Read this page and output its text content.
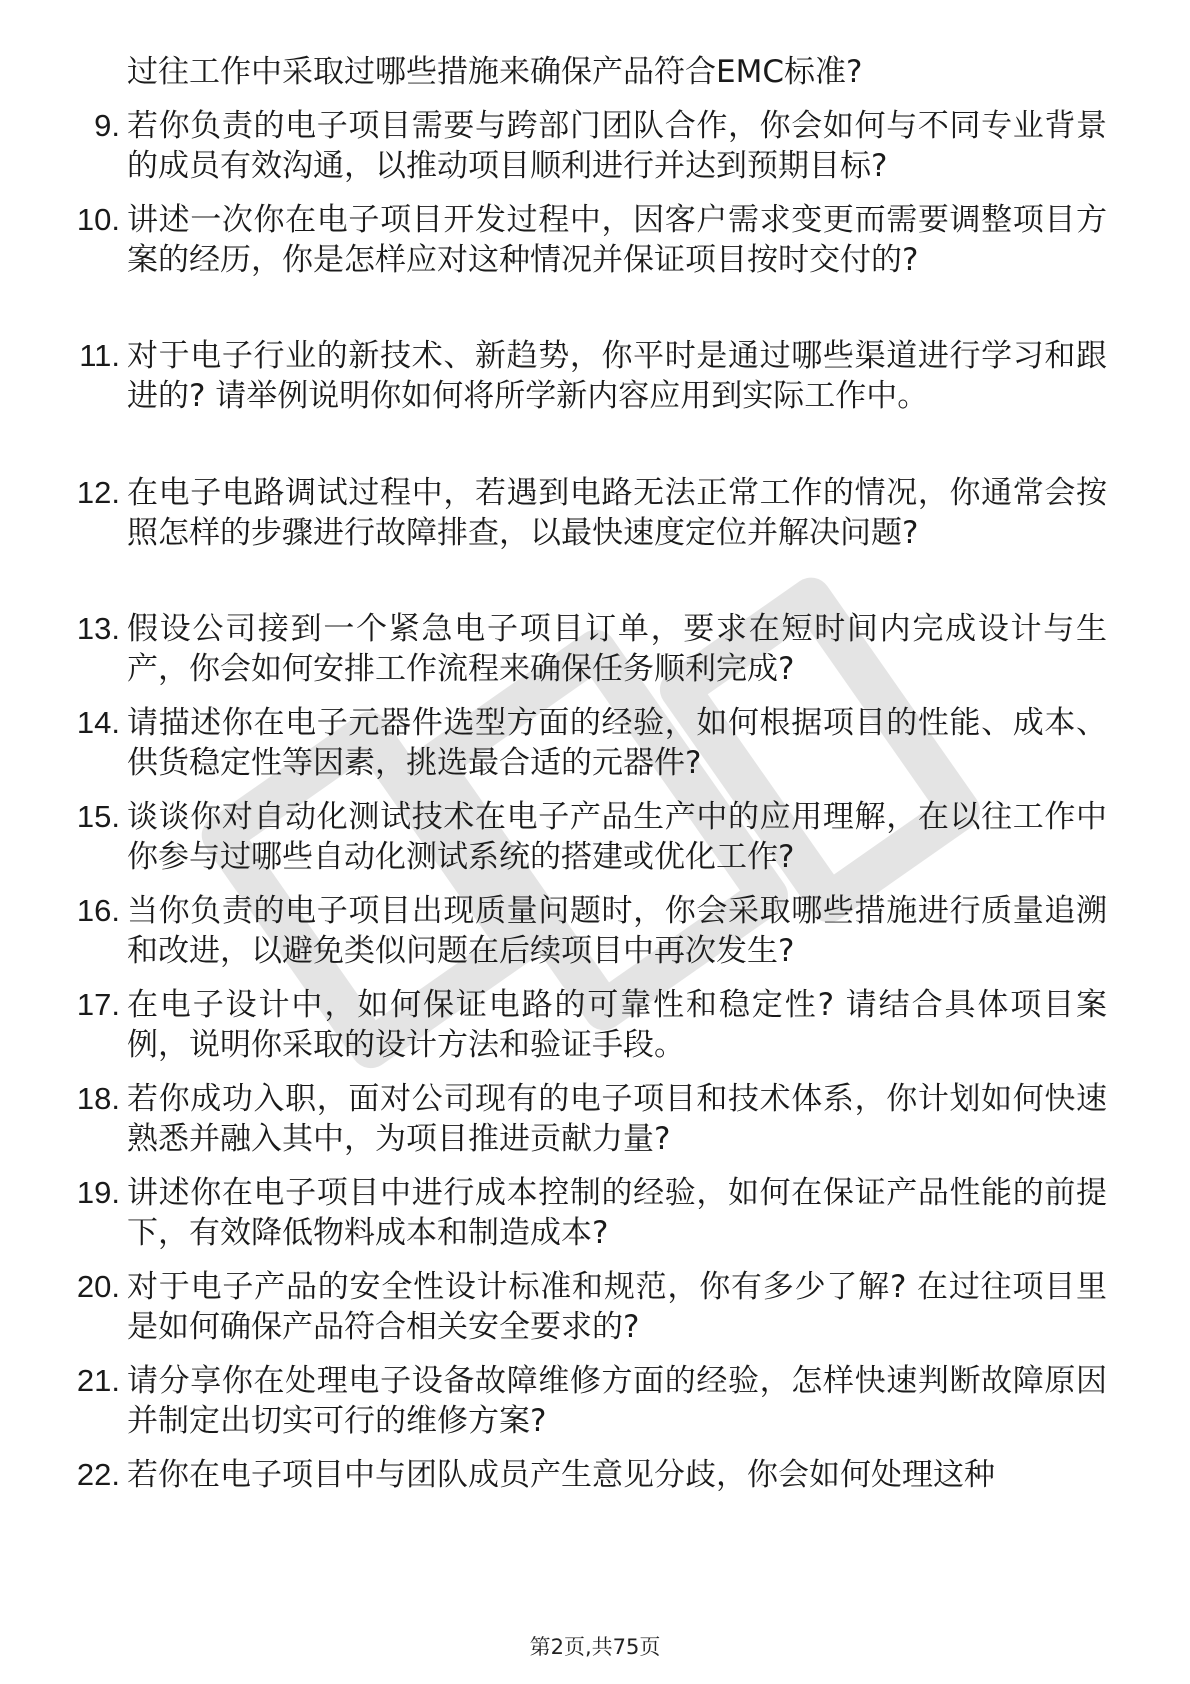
过往工作中采取过哪些措施来确保产品符合EMC标准?
9. 若你负责的电子项目需要与跨部门团队合作，你会如何与不同专业背景的成员有效沟通，以推动项目顺利进行并达到预期目标?
10. 讲述一次你在电子项目开发过程中，因客户需求变更而需要调整项目方案的经历，你是怎样应对这种情况并保证项目按时交付的?
11. 对于电子行业的新技术、新趋势，你平时是通过哪些渠道进行学习和跟进的? 请举例说明你如何将所学新内容应用到实际工作中。
12. 在电子电路调试过程中，若遇到电路无法正常工作的情况，你通常会按照怎样的步骤进行故障排查，以最快速度定位并解决问题?
13. 假设公司接到一个紧急电子项目订单，要求在短时间内完成设计与生产，你会如何安排工作流程来确保任务顺利完成?
14. 请描述你在电子元器件选型方面的经验，如何根据项目的性能、成本、供货稳定性等因素，挑选最合适的元器件?
15. 谈谈你对自动化测试技术在电子产品生产中的应用理解，在以往工作中你参与过哪些自动化测试系统的搭建或优化工作?
16. 当你负责的电子项目出现质量问题时，你会采取哪些措施进行质量追溯和改进，以避免类似问题在后续项目中再次发生?
17. 在电子设计中，如何保证电路的可靠性和稳定性? 请结合具体项目案例，说明你采取的设计方法和验证手段。
18. 若你成功入职，面对公司现有的电子项目和技术体系，你计划如何快速熟悉并融入其中，为项目推进贡献力量?
19. 讲述你在电子项目中进行成本控制的经验，如何在保证产品性能的前提下，有效降低物料成本和制造成本?
20. 对于电子产品的安全性设计标准和规范，你有多少了解? 在过往项目里是如何确保产品符合相关安全要求的?
21. 请分享你在处理电子设备故障维修方面的经验，怎样快速判断故障原因并制定出切实可行的维修方案?
22. 若你在电子项目中与团队成员产生意见分歧，你会如何处理这种
第2页,共75页
